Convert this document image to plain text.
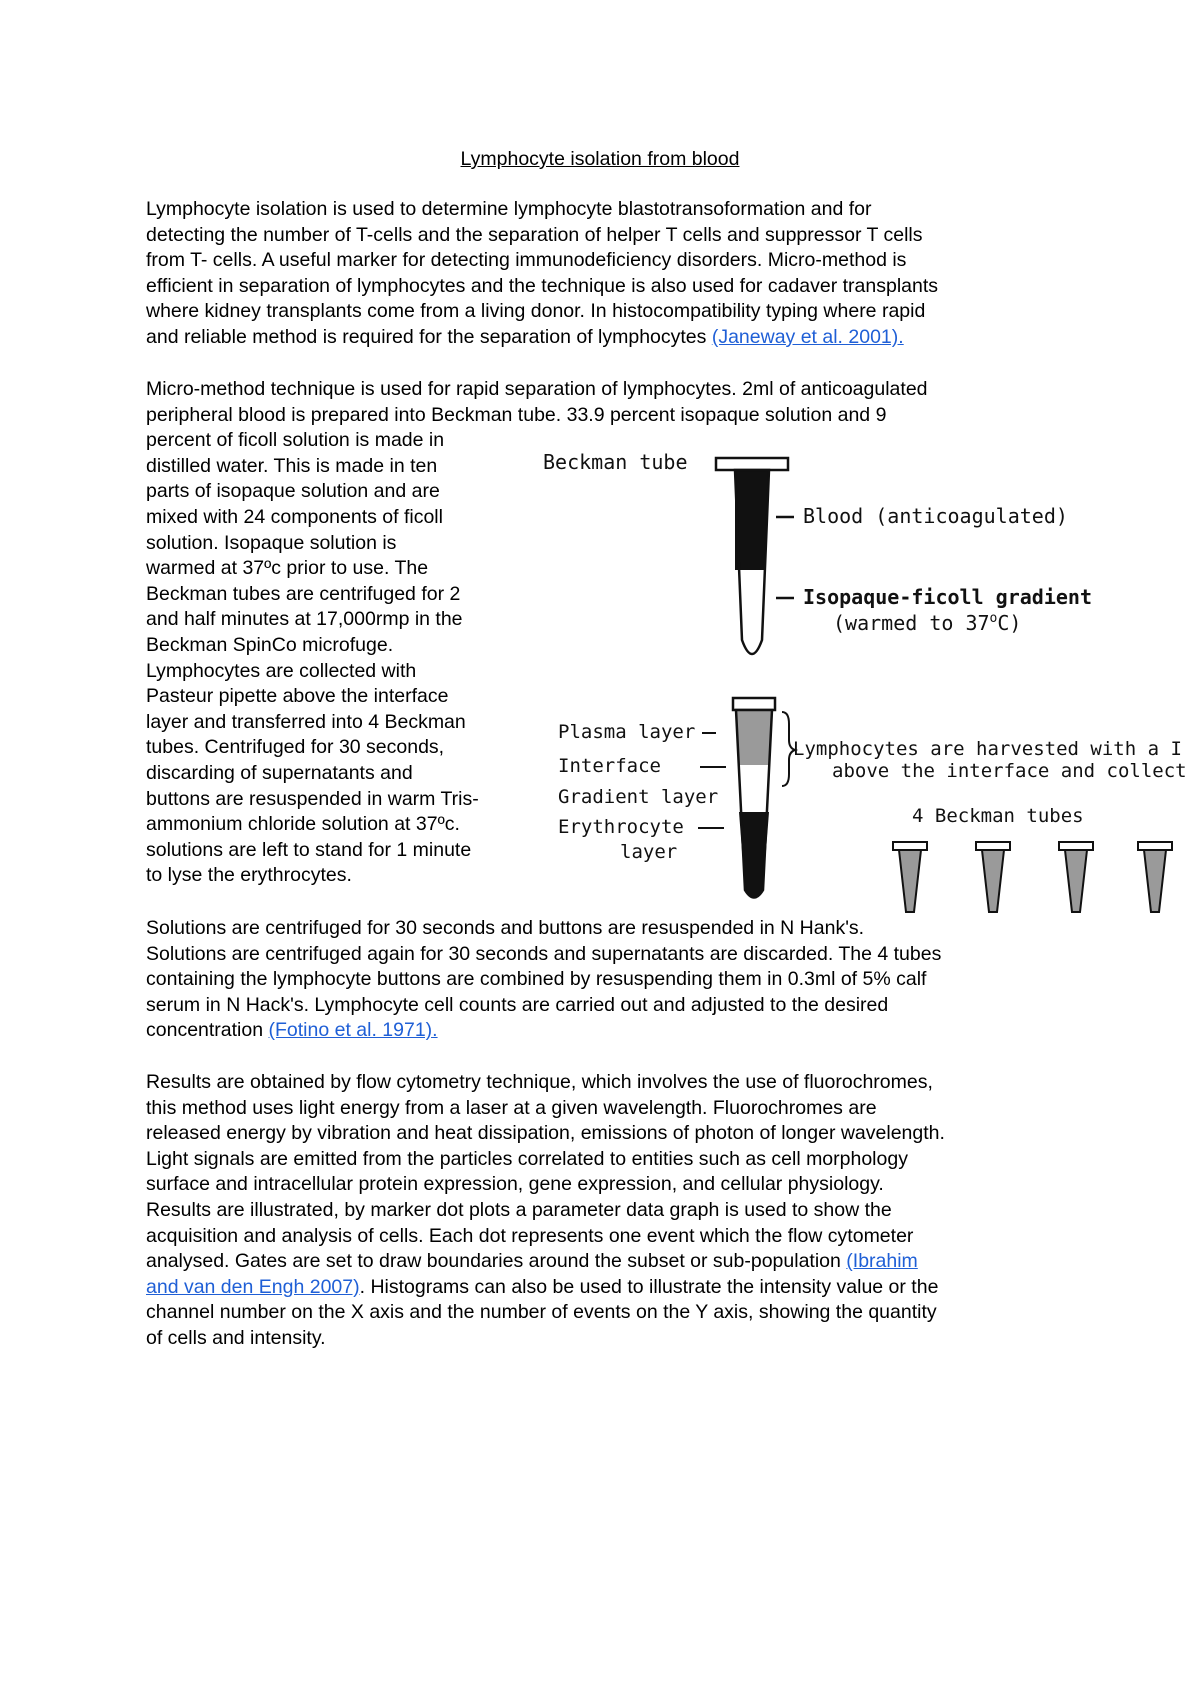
Lymphocyte isolation from blood
Lymphocyte isolation is used to determine lymphocyte blastotransoformation and for
detecting the number of T-cells and the separation of helper T cells and suppressor T cells
from T- cells. A useful marker for detecting immunodeficiency disorders. Micro-method is
efficient in separation of lymphocytes and the technique is also used for cadaver transplants
where kidney transplants come from a living donor. In histocompatibility typing where rapid
and reliable method is required for the separation of lymphocytes (Janeway et al. 2001).
Micro-method technique is used for rapid separation of lymphocytes. 2ml of anticoagulated
peripheral blood is prepared into Beckman tube. 33.9 percent isopaque solution and 9
percent of ficoll solution is made in
distilled water. This is made in ten
parts of isopaque solution and are
mixed with 24 components of ficoll
solution. Isopaque solution is
warmed at 37ºc prior to use. The
Beckman tubes are centrifuged for 2
and half minutes at 17,000rmp in the
Beckman SpinCo microfuge.
Lymphocytes are collected with
Pasteur pipette above the interface
layer and transferred into 4 Beckman
tubes. Centrifuged for 30 seconds,
discarding of supernatants and
buttons are resuspended in warm Tris-
ammonium chloride solution at 37ºc.
solutions are left to stand for 1 minute
to lyse the erythrocytes.
Beckman tube
Blood (anticoagulated)
Isopaque-ficoll gradient
(warmed to 37$^o$C)
Plasma layer
Interface
Gradient layer
Erythrocyte
layer
Lymphocytes are harvested with a I
above the interface and collect
4 Beckman tubes
Solutions are centrifuged for 30 seconds and buttons are resuspended in N Hank's.
Solutions are centrifuged again for 30 seconds and supernatants are discarded. The 4 tubes
containing the lymphocyte buttons are combined by resuspending them in 0.3ml of 5% calf
serum in N Hack's. Lymphocyte cell counts are carried out and adjusted to the desired
concentration (Fotino et al. 1971).
Results are obtained by flow cytometry technique, which involves the use of fluorochromes,
this method uses light energy from a laser at a given wavelength. Fluorochromes are
released energy by vibration and heat dissipation, emissions of photon of longer wavelength.
Light signals are emitted from the particles correlated to entities such as cell morphology
surface and intracellular protein expression, gene expression, and cellular physiology.
Results are illustrated, by marker dot plots a parameter data graph is used to show the
acquisition and analysis of cells. Each dot represents one event which the flow cytometer
analysed. Gates are set to draw boundaries around the subset or sub-population (Ibrahim
and van den Engh 2007). Histograms can also be used to illustrate the intensity value or the
channel number on the X axis and the number of events on the Y axis, showing the quantity
of cells and intensity.
